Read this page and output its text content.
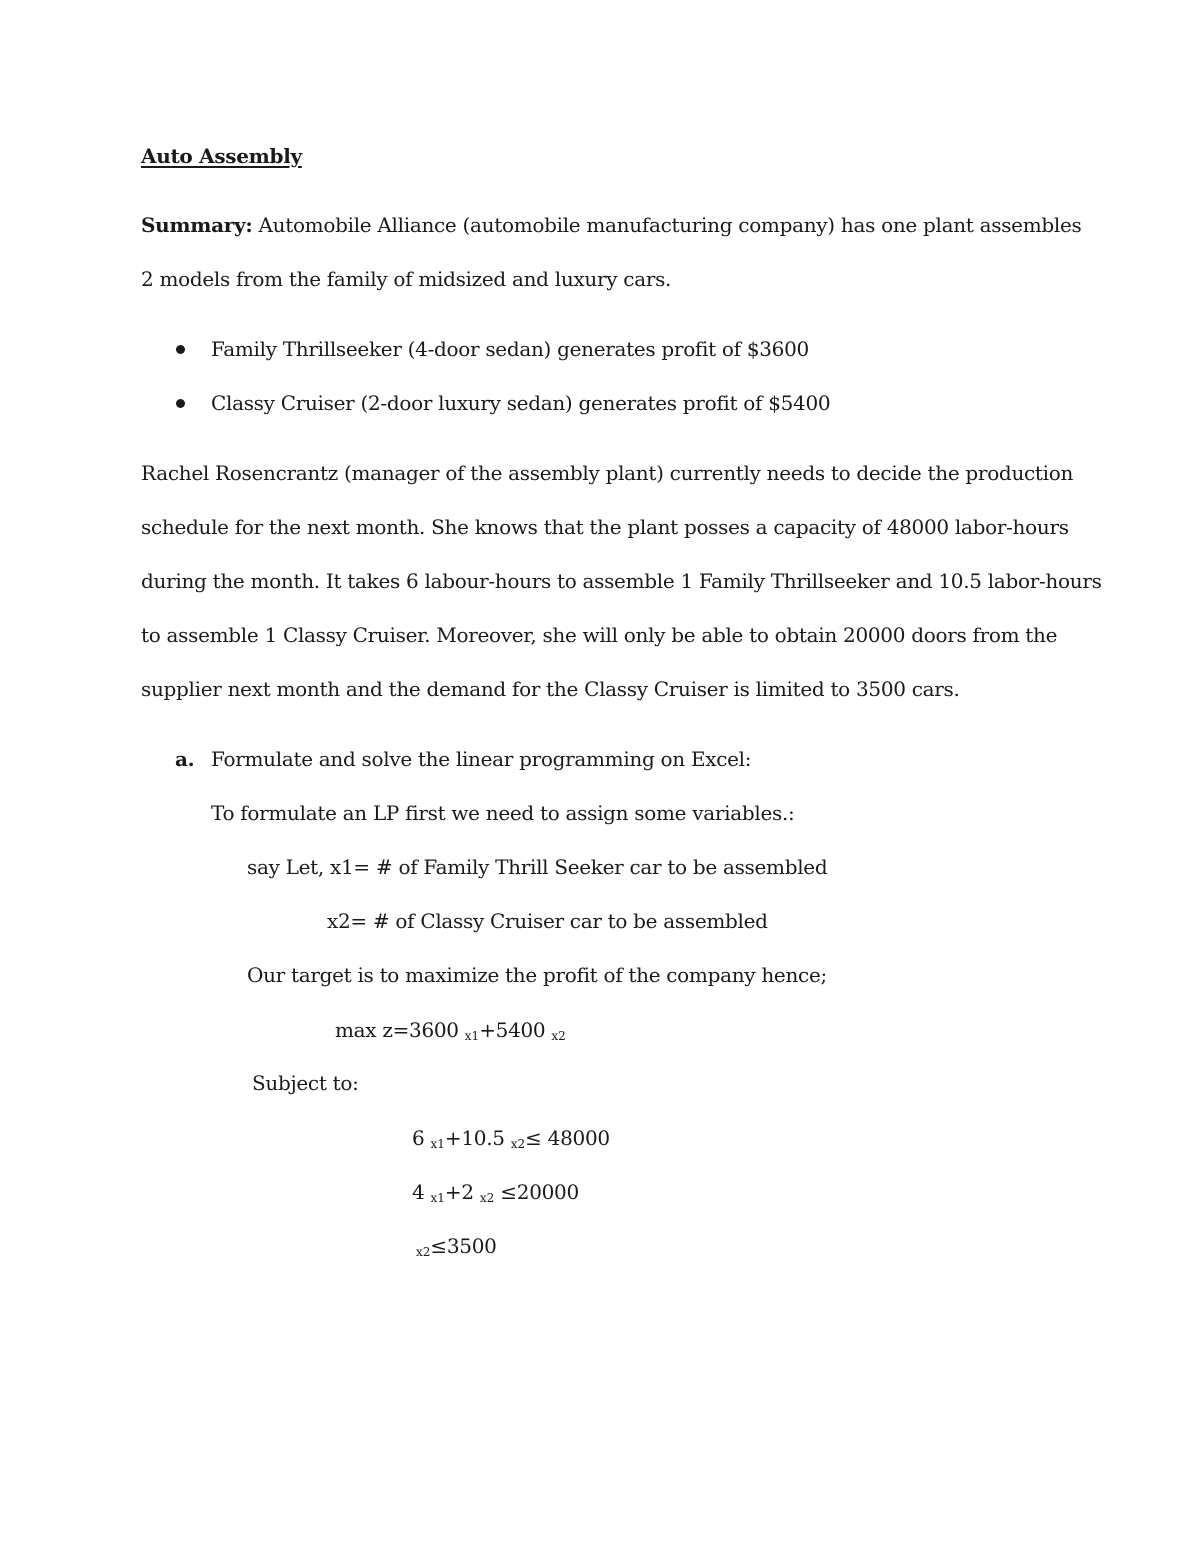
Auto Assembly
Summary: Automobile Alliance (automobile manufacturing company) has one plant assembles
2 models from the family of midsized and luxury cars.
Family Thrillseeker (4-door sedan) generates profit of $3600
Classy Cruiser (2-door luxury sedan) generates profit of $5400
Rachel Rosencrantz (manager of the assembly plant) currently needs to decide the production
schedule for the next month. She knows that the plant posses a capacity of 48000 labor-hours
during the month. It takes 6 labour-hours to assemble 1 Family Thrillseeker and 10.5 labor-hours
to assemble 1 Classy Cruiser. Moreover, she will only be able to obtain 20000 doors from the
supplier next month and the demand for the Classy Cruiser is limited to 3500 cars.
a. Formulate and solve the linear programming on Excel:
To formulate an LP first we need to assign some variables.:
say Let, x1= # of Family Thrill Seeker car to be assembled
x2= # of Classy Cruiser car to be assembled
Our target is to maximize the profit of the company hence;
max z=3600 $_{x1}$+5400 $_{x2}$
Subject to:
6 $_{x1}$+10.5 $_{x2}$≤ 48000
4 $_{x1}$+2 $_{x2}$ ≤20000
$_{x2}$≤3500
